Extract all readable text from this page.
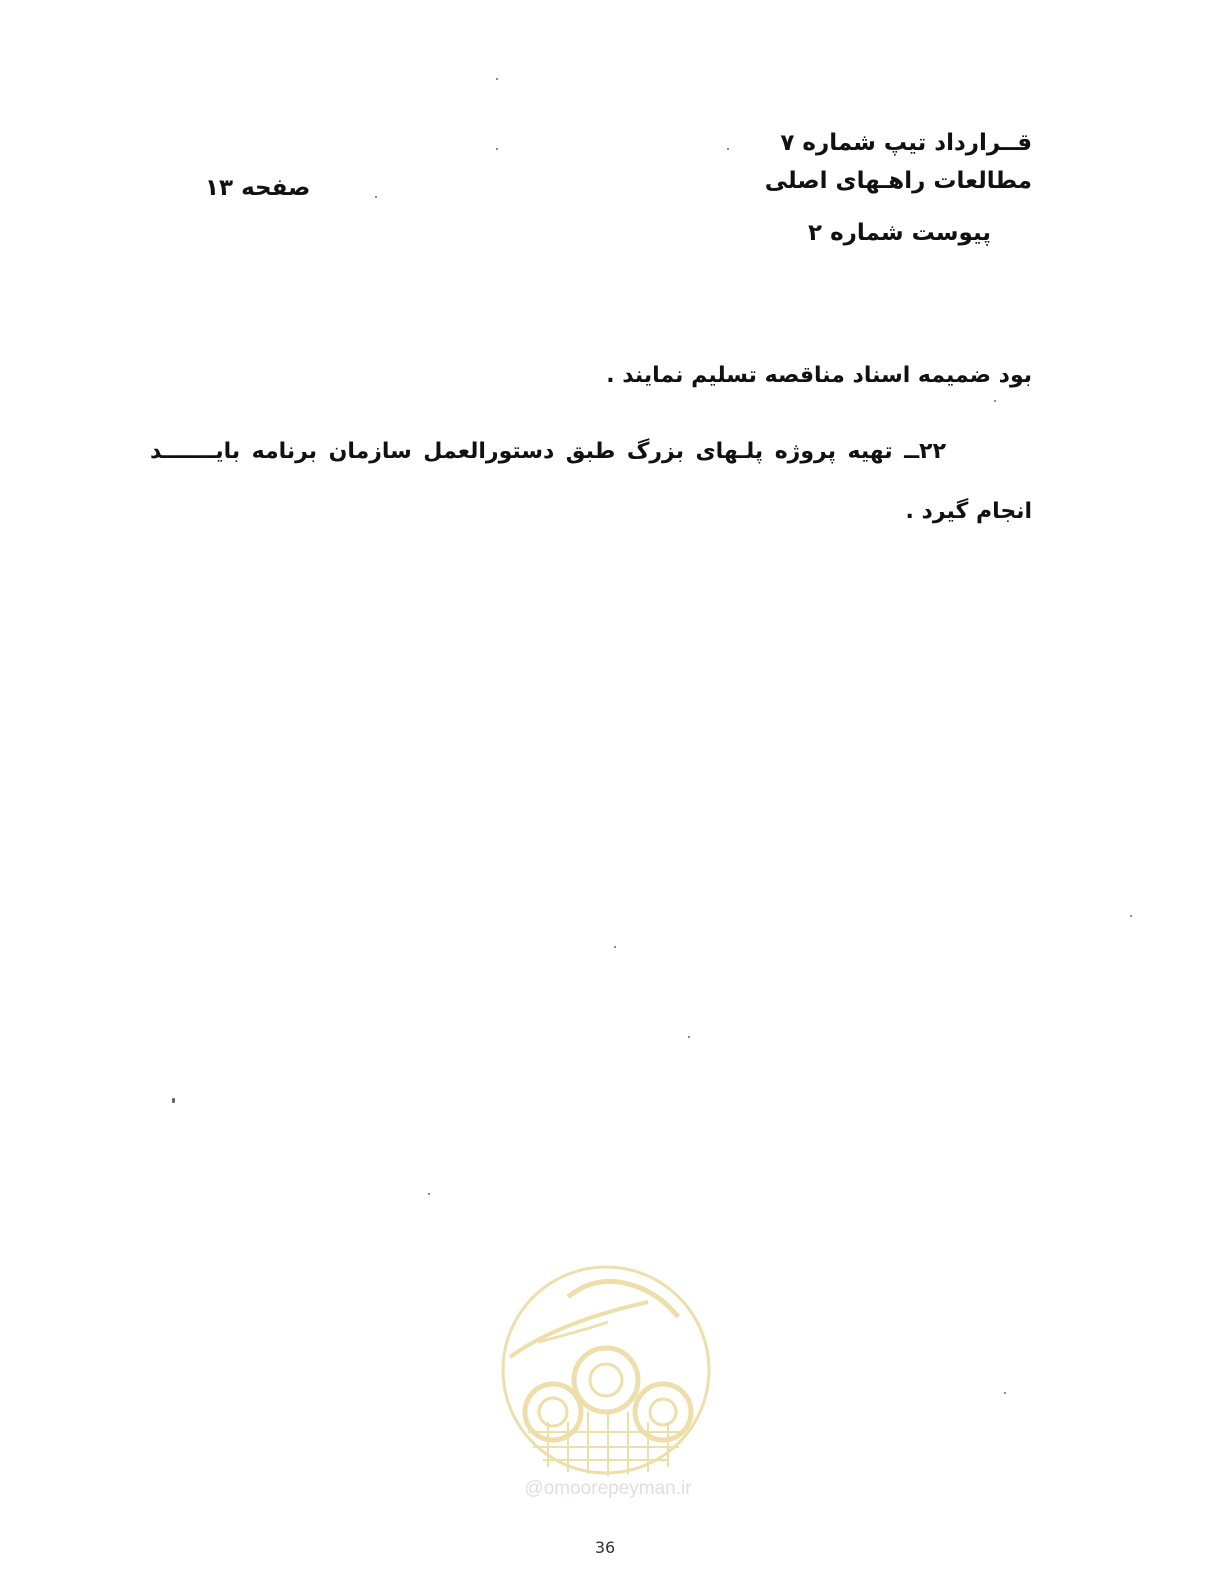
قــرارداد تیپ شماره ۷
مطالعات راهـهای اصلی
پیوست شماره ۲
صفحه ۱۳
بود ضمیمه اسناد مناقصه تسلیم نمایند .
۲۲ــ تهیه پروژه پلـهای بزرگ طبق دستورالعمل سازمان برنامه بایـــــــد
انجام گیرد .
@omoorepeyman.ir
36
